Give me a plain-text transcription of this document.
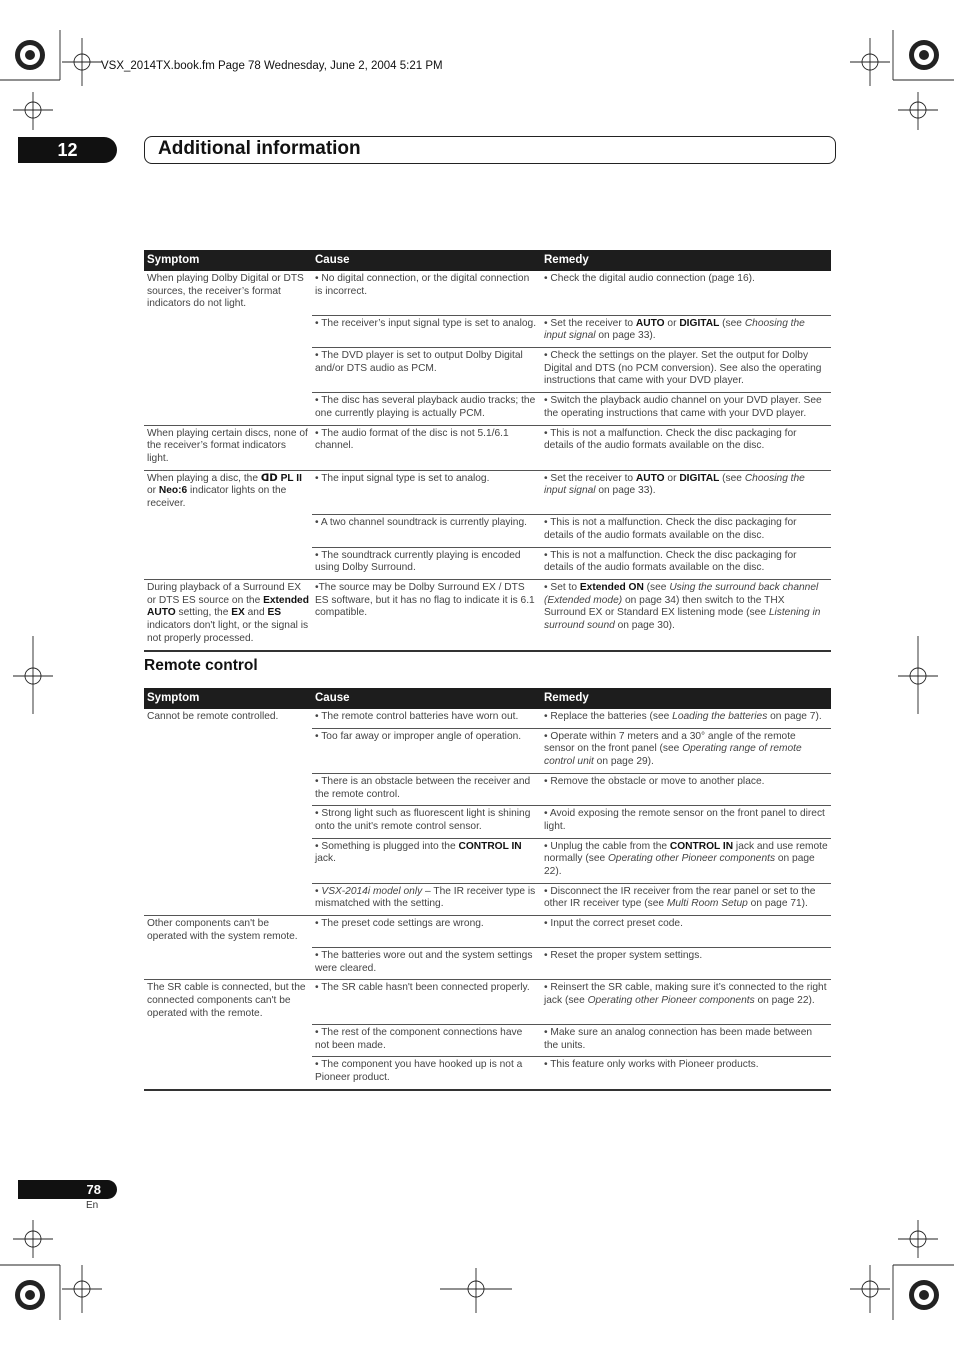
VSX_2014TX.book.fm Page 78 Wednesday, June 2, 2004 5:21 PM
12	Additional information
Symptom	Cause	Remedy
When playing Dolby Digital or DTS sources, the receiver’s format indicators do not light.	• No digital connection, or the digital connection is incorrect.	• Check the digital audio connection (page 16).
	• The receiver’s input signal type is set to analog.	• Set the receiver to AUTO or DIGITAL (see Choosing the input signal on page 33).
	• The DVD player is set to output Dolby Digital and/or DTS audio as PCM.	• Check the settings on the player. Set the output for Dolby Digital and DTS (no PCM conversion). See also the operating instructions that came with your DVD player.
	• The disc has several playback audio tracks; the one currently playing is actually PCM.	• Switch the playback audio channel on your DVD player. See the operating instructions that came with your DVD player.
When playing certain discs, none of the receiver’s format indicators light.	• The audio format of the disc is not 5.1/6.1 channel.	• This is not a malfunction. Check the disc packaging for details of the audio formats available on the disc.
When playing a disc, the ᗡᗞ PL II or Neo:6 indicator lights on the receiver.	• The input signal type is set to analog.	• Set the receiver to AUTO or DIGITAL (see Choosing the input signal on page 33).
	• A two channel soundtrack is currently playing.	• This is not a malfunction. Check the disc packaging for details of the audio formats available on the disc.
	• The soundtrack currently playing is encoded using Dolby Surround.	• This is not a malfunction. Check the disc packaging for details of the audio formats available on the disc.
During playback of a Surround EX or DTS ES source on the Extended AUTO setting, the EX and ES indicators don't light, or the signal is not properly processed.	•The source may be Dolby Surround EX / DTS ES software, but it has no flag to indicate it is 6.1 compatible.	• Set to Extended ON (see Using the surround back channel (Extended mode) on page 34) then switch to the THX Surround EX or Standard EX listening mode (see Listening in surround sound on page 30).
Remote control
Symptom	Cause	Remedy
Cannot be remote controlled.	• The remote control batteries have worn out.	• Replace the batteries (see Loading the batteries on page 7).
	• Too far away or improper angle of operation.	• Operate within 7 meters and a 30° angle of the remote sensor on the front panel (see Operating range of remote control unit on page 29).
	• There is an obstacle between the receiver and the remote control.	• Remove the obstacle or move to another place.
	• Strong light such as fluorescent light is shining onto the unit's remote control sensor.	• Avoid exposing the remote sensor on the front panel to direct light.
	• Something is plugged into the CONTROL IN jack.	• Unplug the cable from the CONTROL IN jack and use remote normally (see Operating other Pioneer components on page 22).
	• VSX-2014i model only – The IR receiver type is mismatched with the setting.	• Disconnect the IR receiver from the rear panel or set to the other IR receiver type (see Multi Room Setup on page 71).
Other components can't be operated with the system remote.	• The preset code settings are wrong.	• Input the correct preset code.
	• The batteries wore out and the system settings were cleared.	• Reset the proper system settings.
The SR cable is connected, but the connected components can't be operated with the remote.	• The SR cable hasn't been connected properly.	• Reinsert the SR cable, making sure it’s connected to the right jack (see Operating other Pioneer components on page 22).
	• The rest of the component connections have not been made.	• Make sure an analog connection has been made between the units.
	• The component you have hooked up is not a Pioneer product.	• This feature only works with Pioneer products.
78
En
